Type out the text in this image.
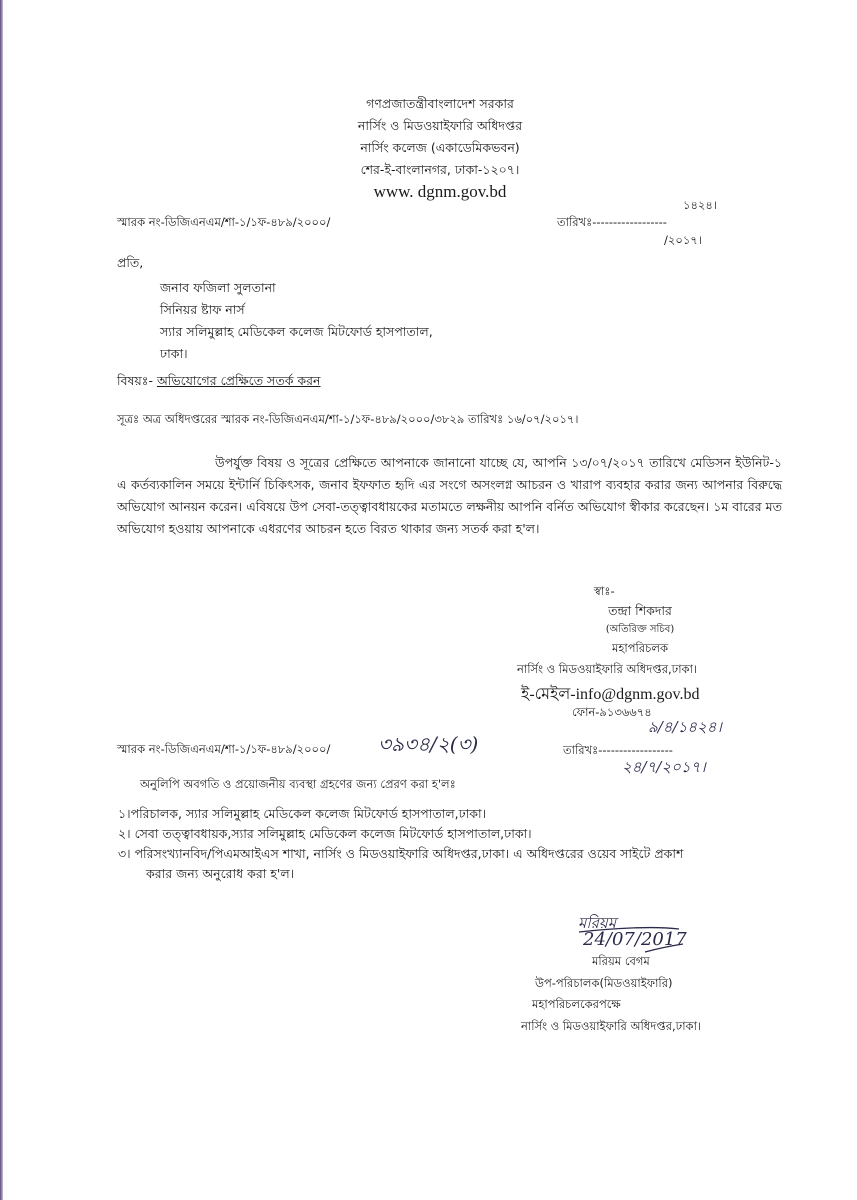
গণপ্রজাতন্ত্রীবাংলাদেশ সরকার
নার্সিং ও মিডওয়াইফারি অধিদপ্তর
নার্সিং কলেজ (একাডেমিকভবন)
শের-ই-বাংলানগর, ঢাকা-১২০৭।
www. dgnm.gov.bd
স্মারক নং-ডিজিএনএম/শা-১/১ফ-৪৮৯/২০০০/
১৪২৪।
তারিখঃ------------------
/২০১৭।
প্রতি,
জনাব ফজিলা সুলতানা
সিনিয়র ষ্টাফ নার্স
স্যার সলিমুল্লাহ মেডিকেল কলেজ মিটফোর্ড হাসপাতাল,
ঢাকা।
বিষয়ঃ- অভিযোগের প্রেক্ষিতে সতর্ক করন
সূত্রঃ অত্র অধিদপ্তরের স্মারক নং-ডিজিএনএম/শা-১/১ফ-৪৮৯/২০০০/৩৮২৯ তারিখঃ ১৬/০৭/২০১৭।
উপর্যুক্ত বিষয় ও সূত্রের প্রেক্ষিতে আপনাকে জানানো যাচ্ছে যে, আপনি ১৩/০৭/২০১৭ তারিখে মেডিসন ইউনিট-১ এ কর্তব্যকালিন সময়ে ইন্টার্নি চিকিৎসক, জনাব ইফফাত হৃদি এর সংগে অসংলগ্ন আচরন ও খারাপ ব্যবহার করার জন্য আপনার বিরুদ্ধে অভিযোগ আনয়ন করেন। এবিষয়ে উপ সেবা-তত্ত্বাবধায়কের মতামতে লক্ষনীয় আপনি বর্নিত অভিযোগ স্বীকার করেছেন। ১ম বারের মত অভিযোগ হওয়ায় আপনাকে এধরণের আচরন হতে বিরত থাকার জন্য সতর্ক করা হ'ল।
স্বাঃ-
তন্দ্রা শিকদার
(অতিরিক্ত সচিব)
মহাপরিচলক
নার্সিং ও মিডওয়াইফারি অধিদপ্তর,ঢাকা।
ই-মেইল-info@dgnm.gov.bd
ফোন-৯১৩৬৬৭৪
স্মারক নং-ডিজিএনএম/শা-১/১ফ-৪৮৯/২০০০/ ৩৯৩৪/২(৩)
৯/৪/১৪২৪।
তারিখঃ------------------
২৪/৭/২০১৭।
অনুলিপি অবগতি ও প্রয়োজনীয় ব্যবস্থা গ্রহণের জন্য প্রেরণ করা হ'লঃ
১।পরিচালক, স্যার সলিমুল্লাহ মেডিকেল কলেজ মিটফোর্ড হাসপাতাল,ঢাকা।
২। সেবা তত্ত্বাবধায়ক,স্যার সলিমুল্লাহ মেডিকেল কলেজ মিটফোর্ড হাসপাতাল,ঢাকা।
৩। পরিসংখ্যানবিদ/পিএমআইএস শাখা, নার্সিং ও মিডওয়াইফারি অধিদপ্তর,ঢাকা। এ অধিদপ্তরের ওয়েব সাইটে প্রকাশ
করার জন্য অনুরোধ করা হ'ল।
মরিয়ম
24/07/2017
মরিয়ম বেগম
উপ-পরিচালক(মিডওয়াইফারি)
মহাপরিচলকেরপক্ষে
নার্সিং ও মিডওয়াইফারি অধিদপ্তর,ঢাকা।
